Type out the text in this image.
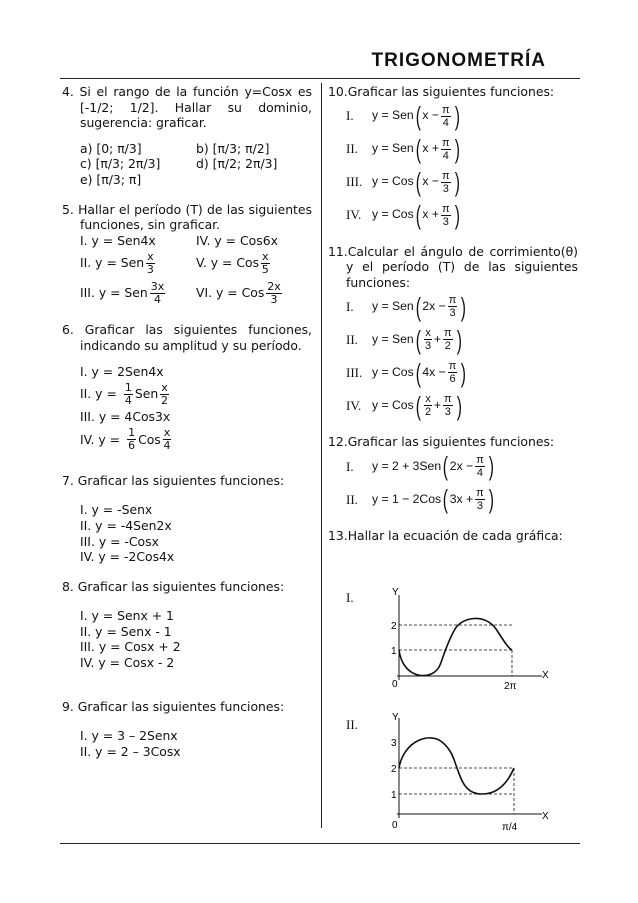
TRIGONOMETRÍA
4. Si el rango de la función y=Cosx es [-1/2; 1/2]. Hallar su dominio, sugerencia: graficar.
a) [0; π/3]	b) [π/3; π/2]
c) [π/3; 2π/3]	d) [π/2; 2π/3]
e) [π/3; π]
5. Hallar el período (T) de las siguientes funciones, sin graficar.
I. y = Sen4x	IV. y = Cos6x
II. y = Sen $\frac{x}{3}$	V. y = Cos $\frac{x}{5}$
III. y = Sen $\frac{3x}{4}$ VI. y = Cos $\frac{2x}{3}$
6. Graficar las siguientes funciones, indicando su amplitud y su período.
I. y = 2Sen4x
II. $y = \frac{1}{4}$ Sen $\frac{x}{2}$
III. y = 4Cos3x
IV. $y = \frac{1}{6}$ Cos $\frac{x}{4}$
7. Graficar las siguientes funciones:
I. y = -Senx
II. y = -4Sen2x
III. y = -Cosx
IV. y = -2Cos4x
8. Graficar las siguientes funciones:
I. y = Senx + 1
II. y = Senx - 1
III. y = Cosx + 2
IV. y = Cosx - 2
9. Graficar las siguientes funciones:
I. y = 3 – 2Senx
II. y = 2 – 3Cosx
10.Graficar las siguientes funciones:
I.	y = Sen ( $x - \frac{\pi}{4}$ )
II.	y = Sen ( $x + \frac{\pi}{4}$ )
III. y = Cos ( $x - \frac{\pi}{3}$ )
IV. y = Cos ( $x + \frac{\pi}{3}$ )
11.Calcular el ángulo de corrimiento(θ) y el período (T) de las siguientes funciones:
I.	y = Sen ( $2x - \frac{\pi}{3}$ )
II.	y = Sen ( $\frac{x}{3} + \frac{\pi}{2}$ )
III. y = Cos ( $4x - \frac{\pi}{6}$ )
IV. y = Cos ( $\frac{x}{2} + \frac{\pi}{3}$ )
12.Graficar las siguientes funciones:
I.	y = 2 + 3Sen ( $2x - \frac{\pi}{4}$ )
II.	y = 1 − 2Cos ( $3x + \frac{\pi}{3}$ )
13.Hallar la ecuación de cada gráfica:
I.	Y
X
0
2
1
2π
II.	Y
X
0
3
2
1
π/4
